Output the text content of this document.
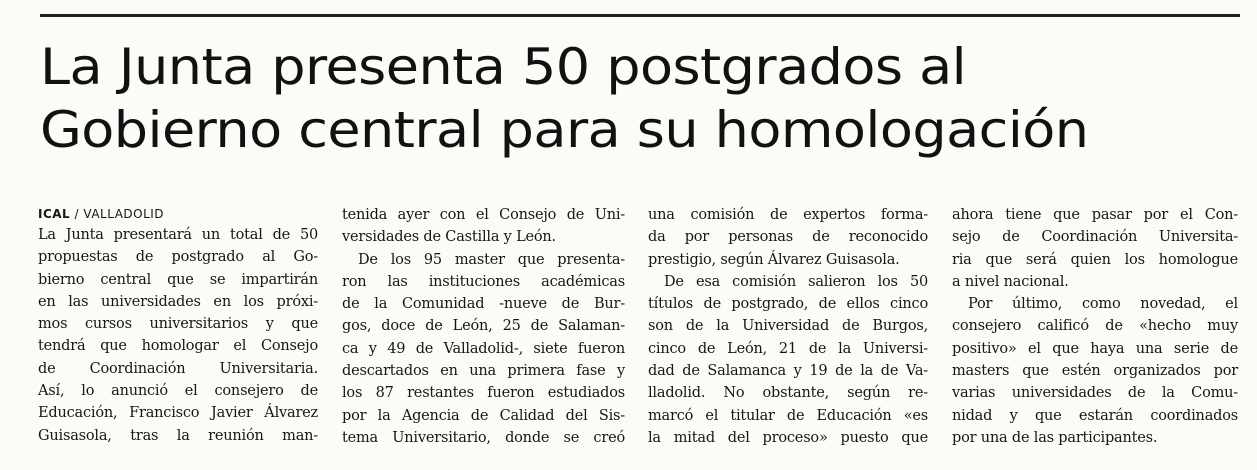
La Junta presenta 50 postgrados al
Gobierno central para su homologación
ICAL / VALLADOLID
La Junta presentará un total de 50
propuestas de postgrado al Go-
bierno central que se impartirán
en las universidades en los próxi-
mos cursos universitarios y que
tendrá que homologar el Consejo
de Coordinación Universitaria.
Así, lo anunció el consejero de
Educación, Francisco Javier Álvarez
Guisasola, tras la reunión man-
tenida ayer con el Consejo de Uni-
versidades de Castilla y León.
De los 95 master que presenta-
ron las instituciones académicas
de la Comunidad -nueve de Bur-
gos, doce de León, 25 de Salaman-
ca y 49 de Valladolid-, siete fueron
descartados en una primera fase y
los 87 restantes fueron estudiados
por la Agencia de Calidad del Sis-
tema Universitario, donde se creó
una comisión de expertos forma-
da por personas de reconocido
prestigio, según Álvarez Guisasola.
De esa comisión salieron los 50
títulos de postgrado, de ellos cinco
son de la Universidad de Burgos,
cinco de León, 21 de la Universi-
dad de Salamanca y 19 de la de Va-
lladolid. No obstante, según re-
marcó el titular de Educación «es
la mitad del proceso» puesto que
ahora tiene que pasar por el Con-
sejo de Coordinación Universita-
ria que será quien los homologue
a nivel nacional.
Por último, como novedad, el
consejero calificó de «hecho muy
positivo» el que haya una serie de
masters que estén organizados por
varias universidades de la Comu-
nidad y que estarán coordinados
por una de las participantes.
